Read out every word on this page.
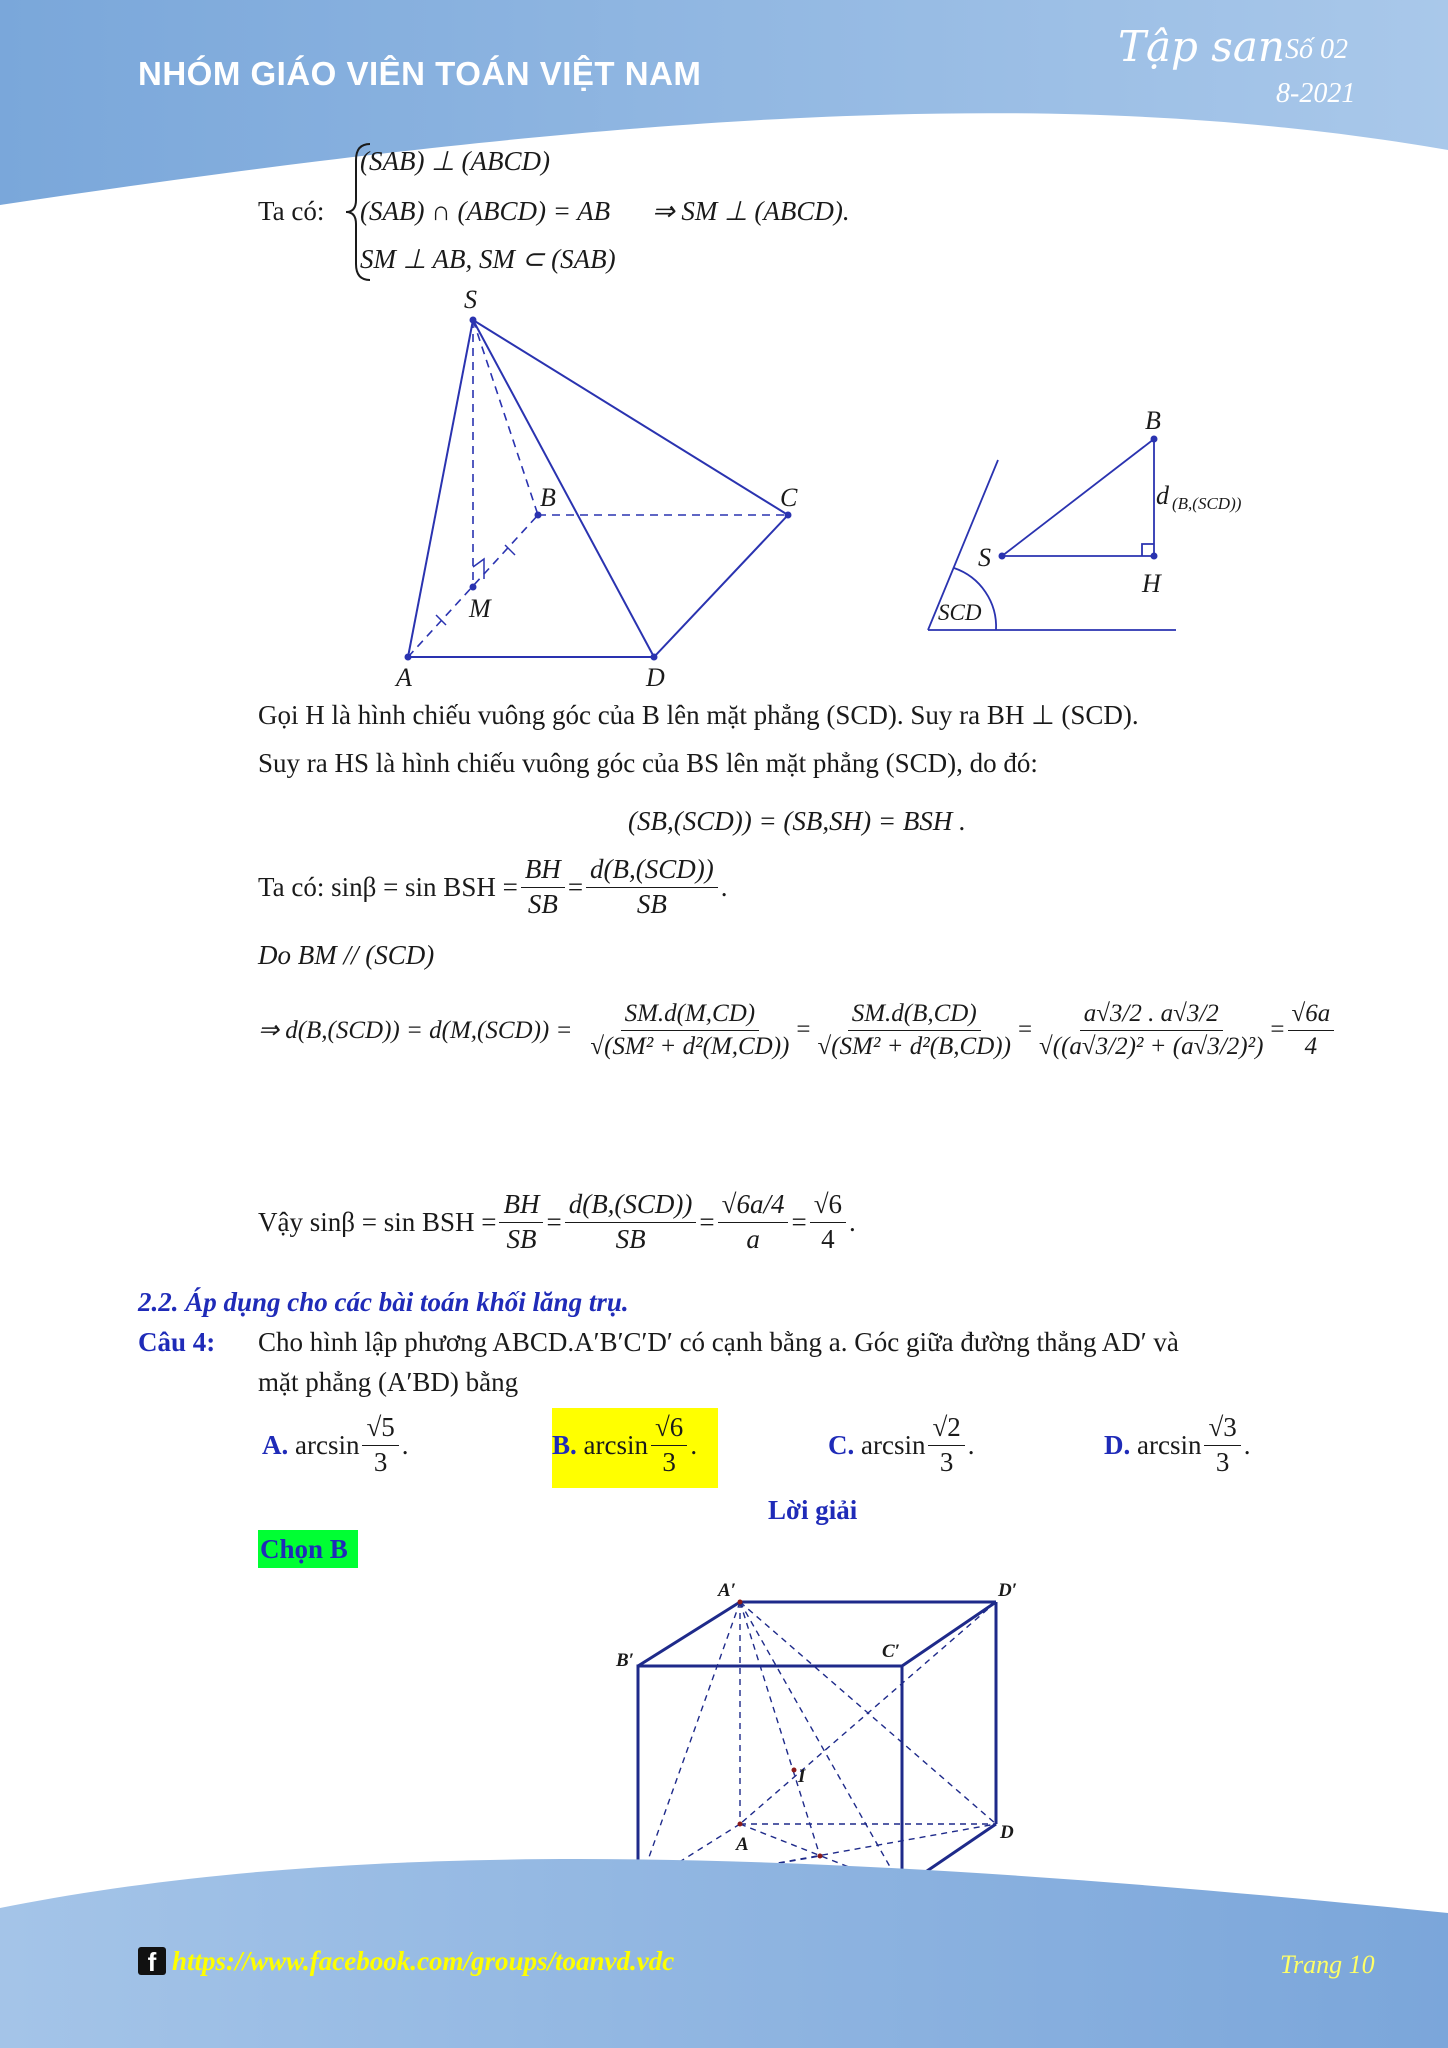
NHÓM GIÁO VIÊN TOÁN VIỆT NAM
Tập san Số 02
8-2021
Ta có:
(SAB) ⊥ (ABCD)
(SAB) ∩ (ABCD) = AB ⇒ SM ⊥ (ABCD).
SM ⊥ AB, SM ⊂ (SAB)
S
B	C
M
A	D
B
S
H
d (B,(SCD))
SCD
Gọi H là hình chiếu vuông góc của B lên mặt phẳng (SCD). Suy ra BH ⊥ (SCD).
Suy ra HS là hình chiếu vuông góc của BS lên mặt phẳng (SCD), do đó:
(SB,(SCD)) = (SB,SH) = BSH .
Ta có: sinβ = sin BSH = $\frac{BH}{SB} = \frac{\text{d(B,(SCD))}}{SB}$ .
Do BM // (SCD)
⇒ $d(B,(SCD)) = d(M,(SCD)) = \frac{SM.d(M,CD)}{\text{√(SM² + d²(M,CD))}} = \frac{SM.d(B,CD)}{\text{√(SM² + d²(B,CD))}} = \frac{a√3/2 . a√3/2}{\text{√((a√3/2)² + (a√3/2)²)}} = \frac{√6a}{4}$
Vậy sinβ = sin BSH = $\frac{BH}{SB} = \frac{\text{d(B,(SCD))}}{SB} = \frac{√6a/4}{a} = \frac{√6}{4}$ .
2.2. Áp dụng cho các bài toán khối lăng trụ.
Câu 4: Cho hình lập phương ABCD.A′B′C′D′ có cạnh bằng a. Góc giữa đường thẳng AD′ và
mặt phẳng (A′BD) bằng
A.
$\arcsin \frac{√5}{3}$ .	B.
$\arcsin \frac{√6}{3}$ .	C.
$\arcsin \frac{√2}{3}$ .	D.
$\arcsin \frac{√3}{3}$ .
Lời giải
Chọn B
A′	D′
B′	C′
I
A
D
f https://www.facebook.com/groups/toanvd.vdc	Trang 10
